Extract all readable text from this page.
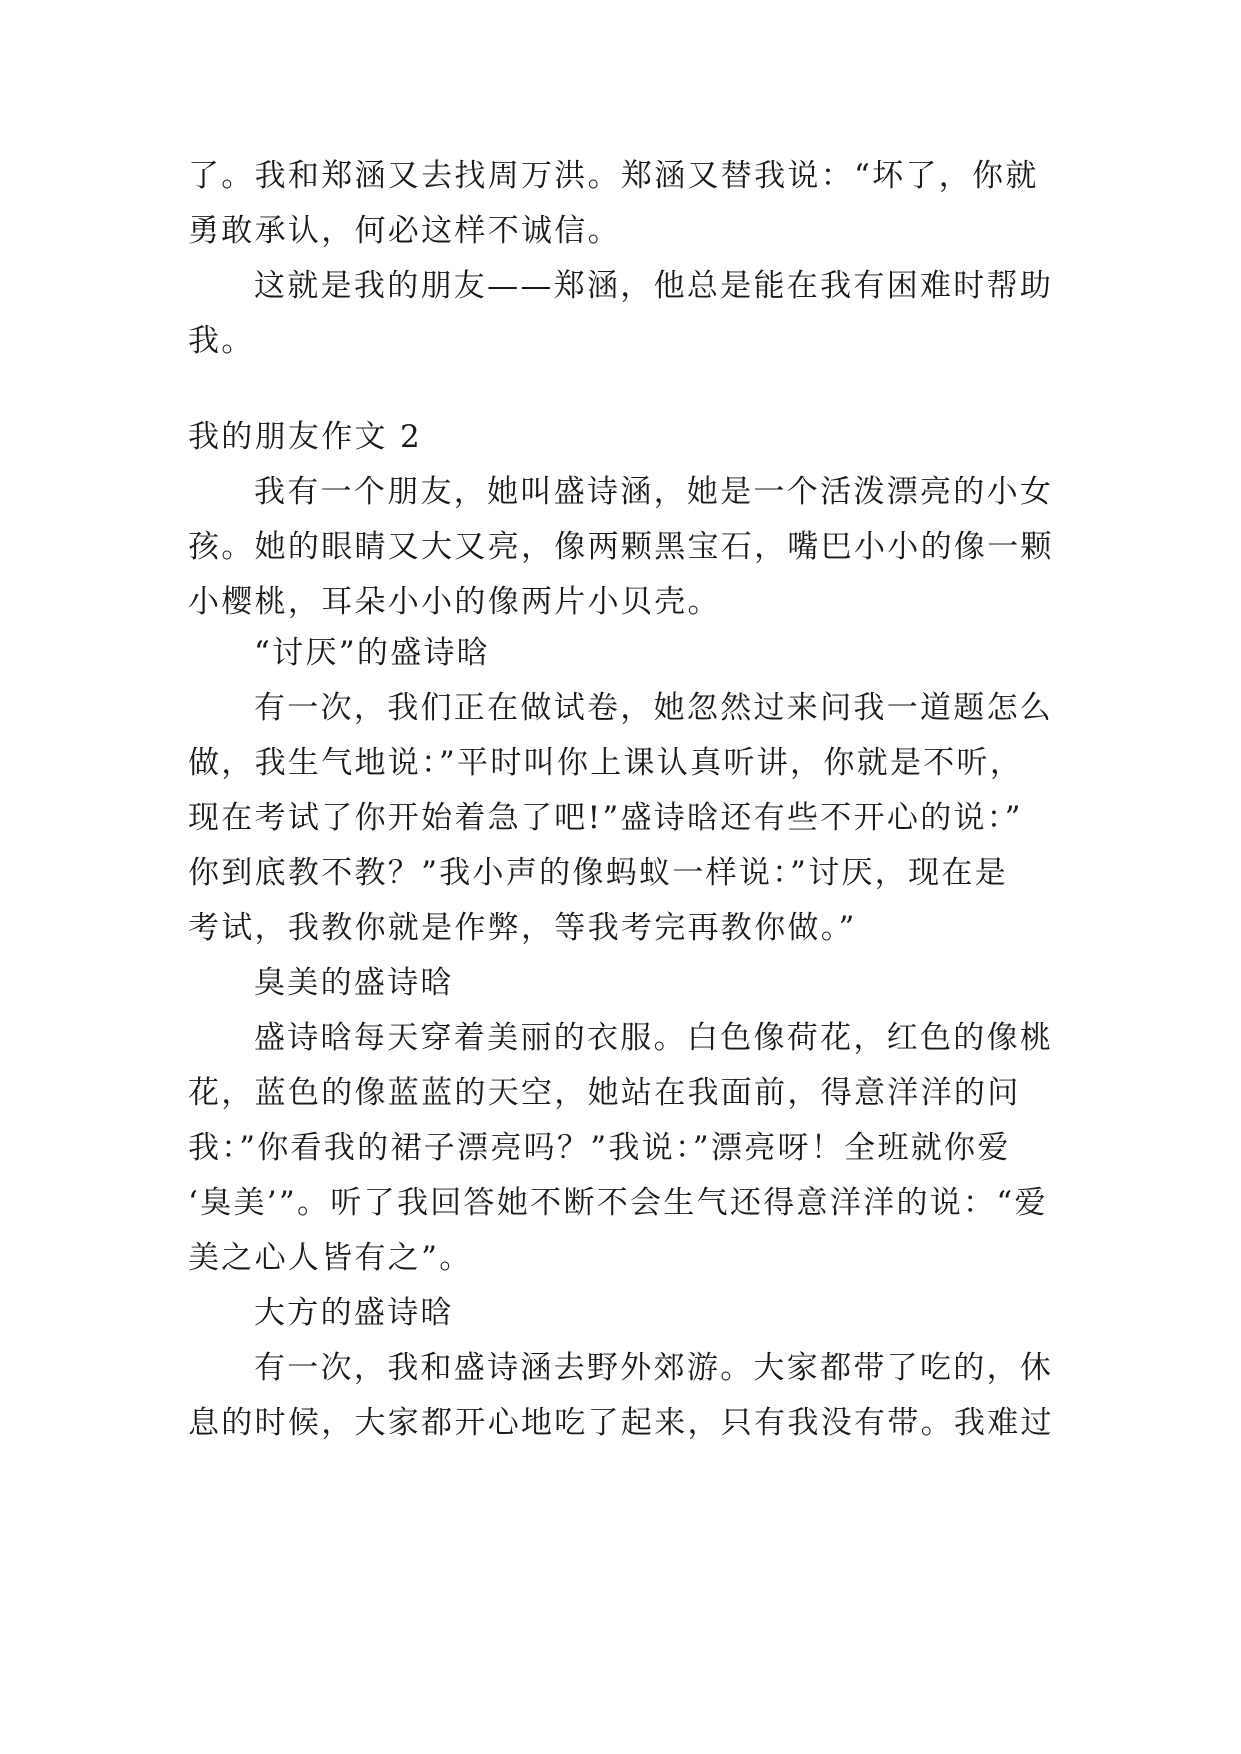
了。我和郑涵又去找周万洪。郑涵又替我说：“坏了，你就
勇敢承认，何必这样不诚信。
这就是我的朋友——郑涵，他总是能在我有困难时帮助
我。
我的朋友作文 2
我有一个朋友，她叫盛诗涵，她是一个活泼漂亮的小女
孩。她的眼睛又大又亮，像两颗黑宝石，嘴巴小小的像一颗
小樱桃，耳朵小小的像两片小贝壳。
“讨厌”的盛诗晗
有一次，我们正在做试卷，她忽然过来问我一道题怎么
做，我生气地说：”平时叫你上课认真听讲，你就是不听，
现在考试了你开始着急了吧!”盛诗晗还有些不开心的说：”
你到底教不教？”我小声的像蚂蚁一样说：”讨厌，现在是
考试，我教你就是作弊，等我考完再教你做。”
臭美的盛诗晗
盛诗晗每天穿着美丽的衣服。白色像荷花，红色的像桃
花，蓝色的像蓝蓝的天空，她站在我面前，得意洋洋的问
我：”你看我的裙子漂亮吗？”我说：”漂亮呀！全班就你爱
‘臭美’”。听了我回答她不断不会生气还得意洋洋的说：“爱
美之心人皆有之”。
大方的盛诗晗
有一次，我和盛诗涵去野外郊游。大家都带了吃的，休
息的时候，大家都开心地吃了起来，只有我没有带。我难过
